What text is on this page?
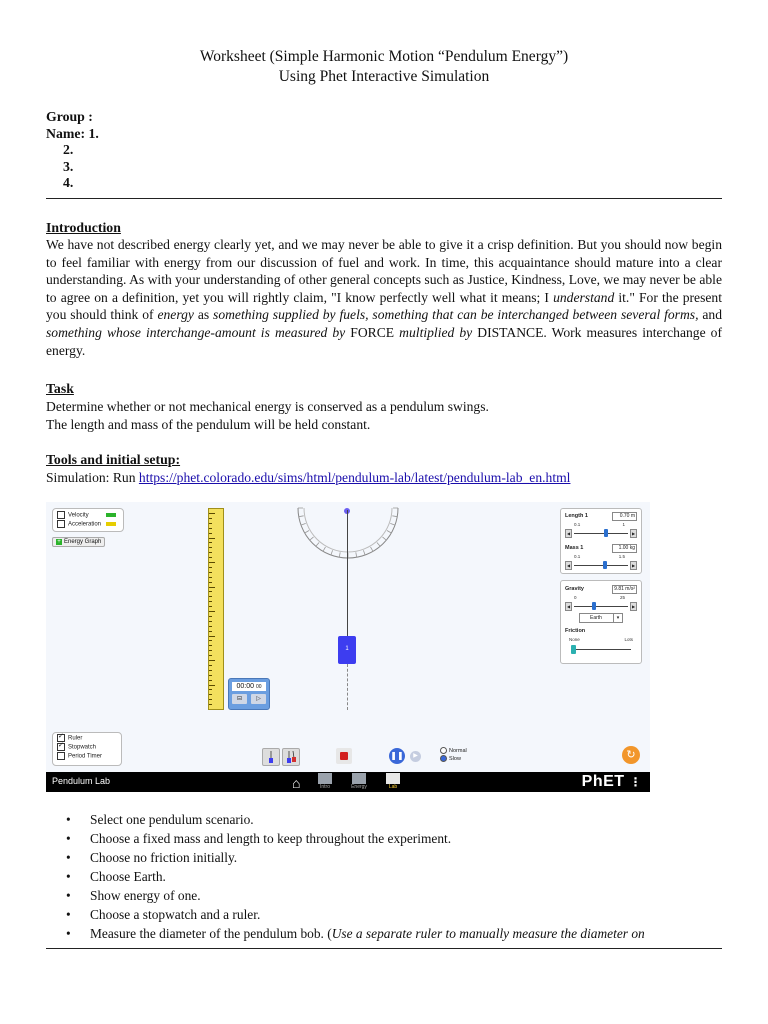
Worksheet (Simple Harmonic Motion “Pendulum Energy”)
Using Phet Interactive Simulation
Group :
Name: 1.
2.
3.
4.
Introduction
We have not described energy clearly yet, and we may never be able to give it a crisp definition. But you should now begin to feel familiar with energy from our discussion of fuel and work. In time, this acquaintance should mature into a clear understanding. As with your understanding of other general concepts such as Justice, Kindness, Love, we may never be able to agree on a definition, yet you will rightly claim, "I know perfectly well what it means; I understand it." For the present you should think of energy as something supplied by fuels, something that can be interchanged between several forms, and something whose interchange-amount is measured by FORCE multiplied by DISTANCE. Work measures interchange of energy.
Task
Determine whether or not mechanical energy is conserved as a pendulum swings.
The length and mass of the pendulum will be held constant.
Tools and initial setup:
Simulation: Run https://phet.colorado.edu/sims/html/pendulum-lab/latest/pendulum-lab_en.html
Velocity
Acceleration
+ Energy Graph
1
00:00 00
⊟	▷
Length 1	0.70 m
0.1	1
◀	▶
Mass 1	1.00 kg
0.1	1.5
◀	▶
Gravity	9.81 m/s²
0	25
◀	▶
Earth	▾
Friction
None	Lots
✓Ruler
✓Stopwatch
Period Timer	❚❚	▶
Normal
Slow	↻
Pendulum Lab	⌂	Intro	Energy	Lab	PhET ⋮
• Select one pendulum scenario.
• Choose a fixed mass and length to keep throughout the experiment.
• Choose no friction initially.
• Choose Earth.
• Show energy of one.
• Choose a stopwatch and a ruler.
• Measure the diameter of the pendulum bob. (Use a separate ruler to manually measure the diameter on
